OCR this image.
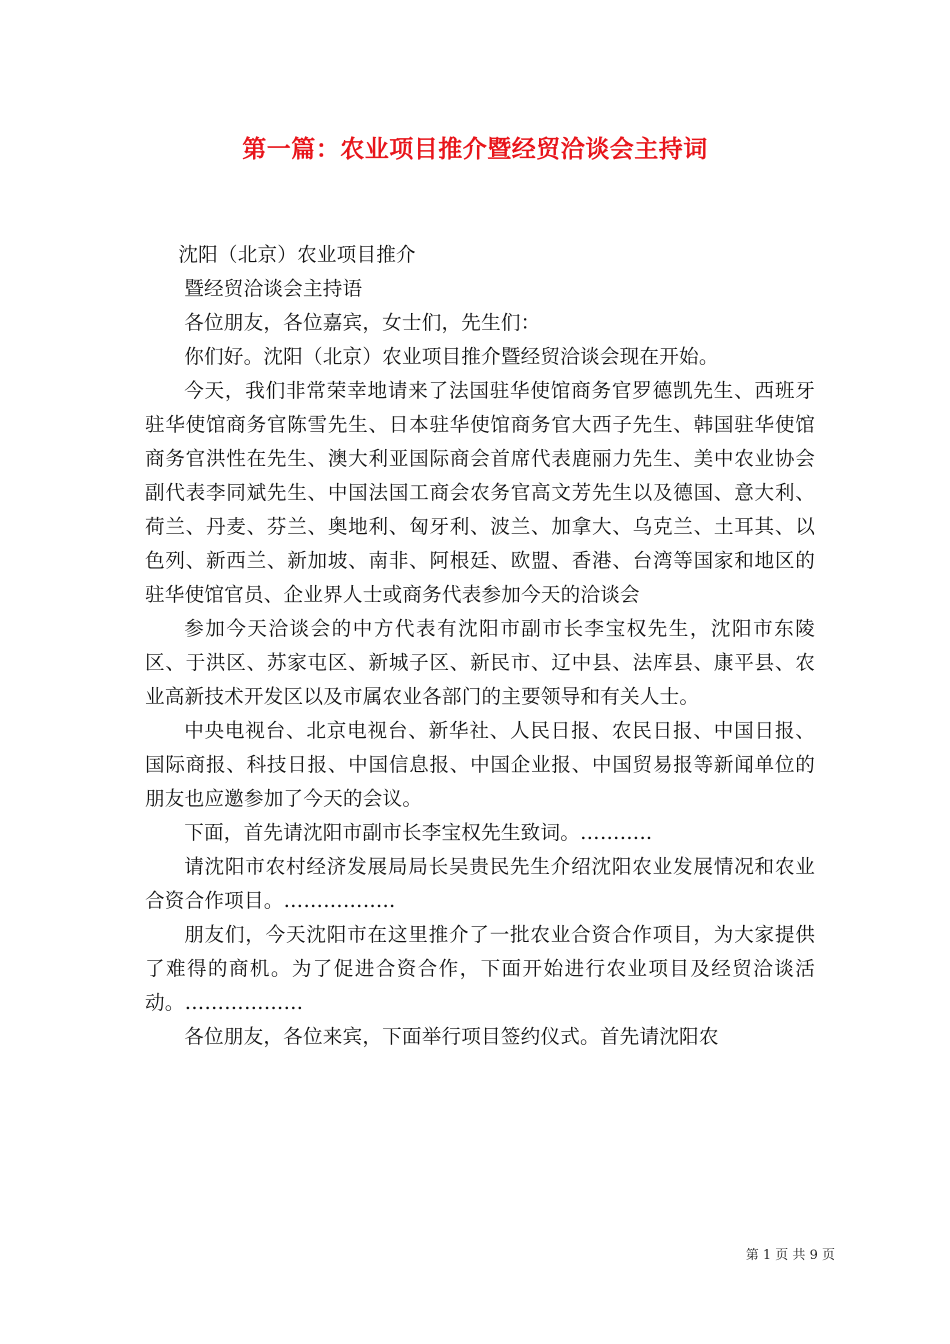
第一篇：农业项目推介暨经贸洽谈会主持词

沈阳（北京）农业项目推介

暨经贸洽谈会主持语

各位朋友，各位嘉宾，女士们，先生们：

你们好。沈阳（北京）农业项目推介暨经贸洽谈会现在开始。

今天，我们非常荣幸地请来了法国驻华使馆商务官罗德凯先生、西班牙驻华使馆商务官陈雪先生、日本驻华使馆商务官大西子先生、韩国驻华使馆商务官洪性在先生、澳大利亚国际商会首席代表鹿丽力先生、美中农业协会副代表李同斌先生、中国法国工商会农务官高文芳先生以及德国、意大利、荷兰、丹麦、芬兰、奥地利、匈牙利、波兰、加拿大、乌克兰、土耳其、以色列、新西兰、新加坡、南非、阿根廷、欧盟、香港、台湾等国家和地区的驻华使馆官员、企业界人士或商务代表参加今天的洽谈会

参加今天洽谈会的中方代表有沈阳市副市长李宝权先生，沈阳市东陵区、于洪区、苏家屯区、新城子区、新民市、辽中县、法库县、康平县、农业高新技术开发区以及市属农业各部门的主要领导和有关人士。

中央电视台、北京电视台、新华社、人民日报、农民日报、中国日报、国际商报、科技日报、中国信息报、中国企业报、中国贸易报等新闻单位的朋友也应邀参加了今天的会议。

下面，首先请沈阳市副市长李宝权先生致词。………..

请沈阳市农村经济发展局局长吴贵民先生介绍沈阳农业发展情况和农业合资合作项目。……………..

朋友们，今天沈阳市在这里推介了一批农业合资合作项目，为大家提供了难得的商机。为了促进合资合作，下面开始进行农业项目及经贸洽谈活动。………………

各位朋友，各位来宾，下面举行项目签约仪式。首先请沈阳农

第 1 页 共 9 页
